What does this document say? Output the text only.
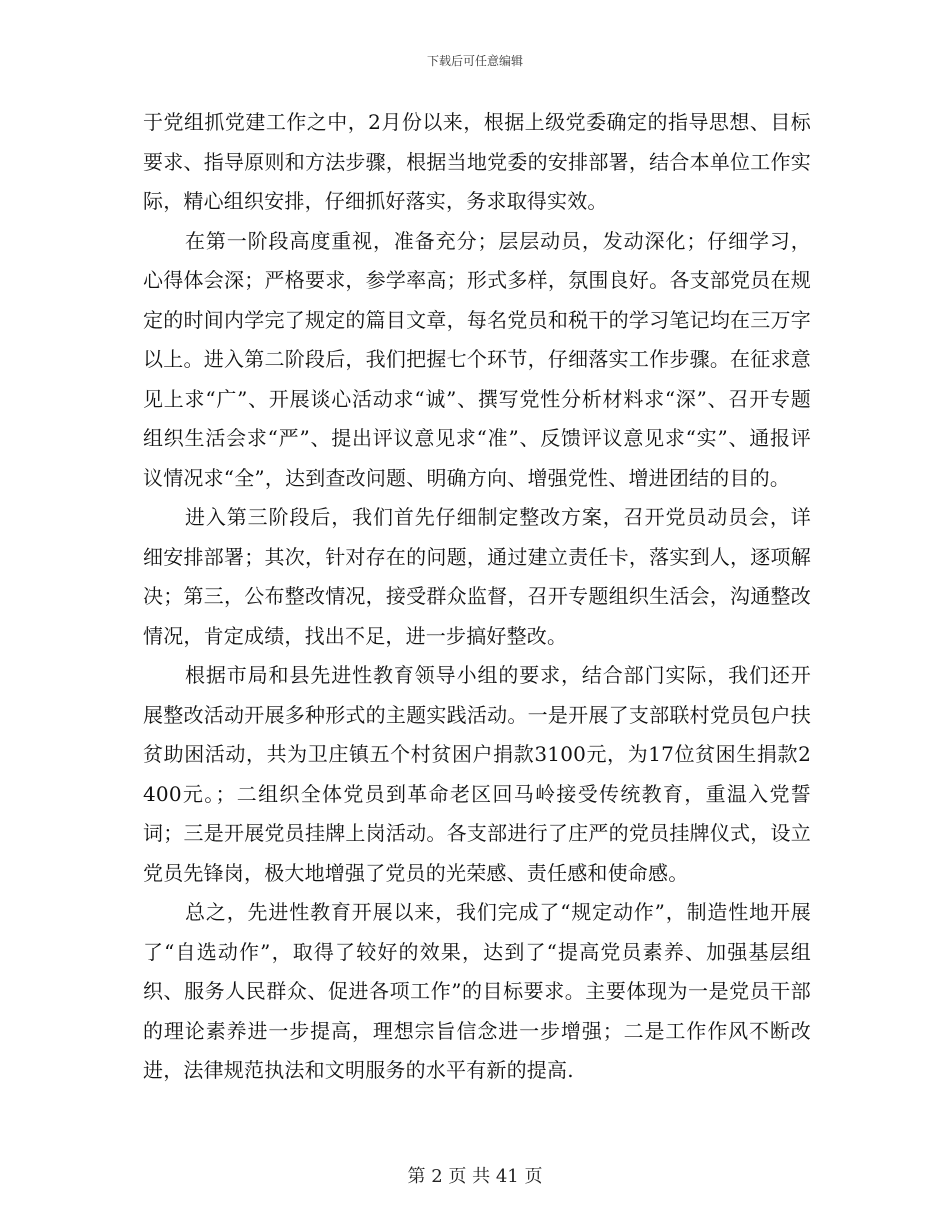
下载后可任意编辑

于党组抓党建工作之中，2月份以来，根据上级党委确定的指导思想、目标要求、指导原则和方法步骤，根据当地党委的安排部署，结合本单位工作实际，精心组织安排，仔细抓好落实，务求取得实效。

在第一阶段高度重视，准备充分；层层动员，发动深化；仔细学习，心得体会深；严格要求，参学率高；形式多样，氛围良好。各支部党员在规定的时间内学完了规定的篇目文章，每名党员和税干的学习笔记均在三万字以上。进入第二阶段后，我们把握七个环节，仔细落实工作步骤。在征求意见上求“广”、开展谈心活动求“诚”、撰写党性分析材料求“深”、召开专题组织生活会求“严”、提出评议意见求“准”、反馈评议意见求“实”、通报评议情况求“全”，达到查改问题、明确方向、增强党性、增进团结的目的。

进入第三阶段后，我们首先仔细制定整改方案，召开党员动员会，详细安排部署；其次，针对存在的问题，通过建立责任卡，落实到人，逐项解决；第三，公布整改情况，接受群众监督，召开专题组织生活会，沟通整改情况，肯定成绩，找出不足，进一步搞好整改。

根据市局和县先进性教育领导小组的要求，结合部门实际，我们还开展整改活动开展多种形式的主题实践活动。一是开展了支部联村党员包户扶贫助困活动，共为卫庄镇五个村贫困户捐款3100元，为17位贫困生捐款2400元。；二组织全体党员到革命老区回马岭接受传统教育，重温入党誓词；三是开展党员挂牌上岗活动。各支部进行了庄严的党员挂牌仪式，设立党员先锋岗，极大地增强了党员的光荣感、责任感和使命感。

总之，先进性教育开展以来，我们完成了“规定动作”，制造性地开展了“自选动作”，取得了较好的效果，达到了“提高党员素养、加强基层组织、服务人民群众、促进各项工作”的目标要求。主要体现为一是党员干部的理论素养进一步提高，理想宗旨信念进一步增强；二是工作作风不断改进，法律规范执法和文明服务的水平有新的提高.

第 2 页 共 41 页
